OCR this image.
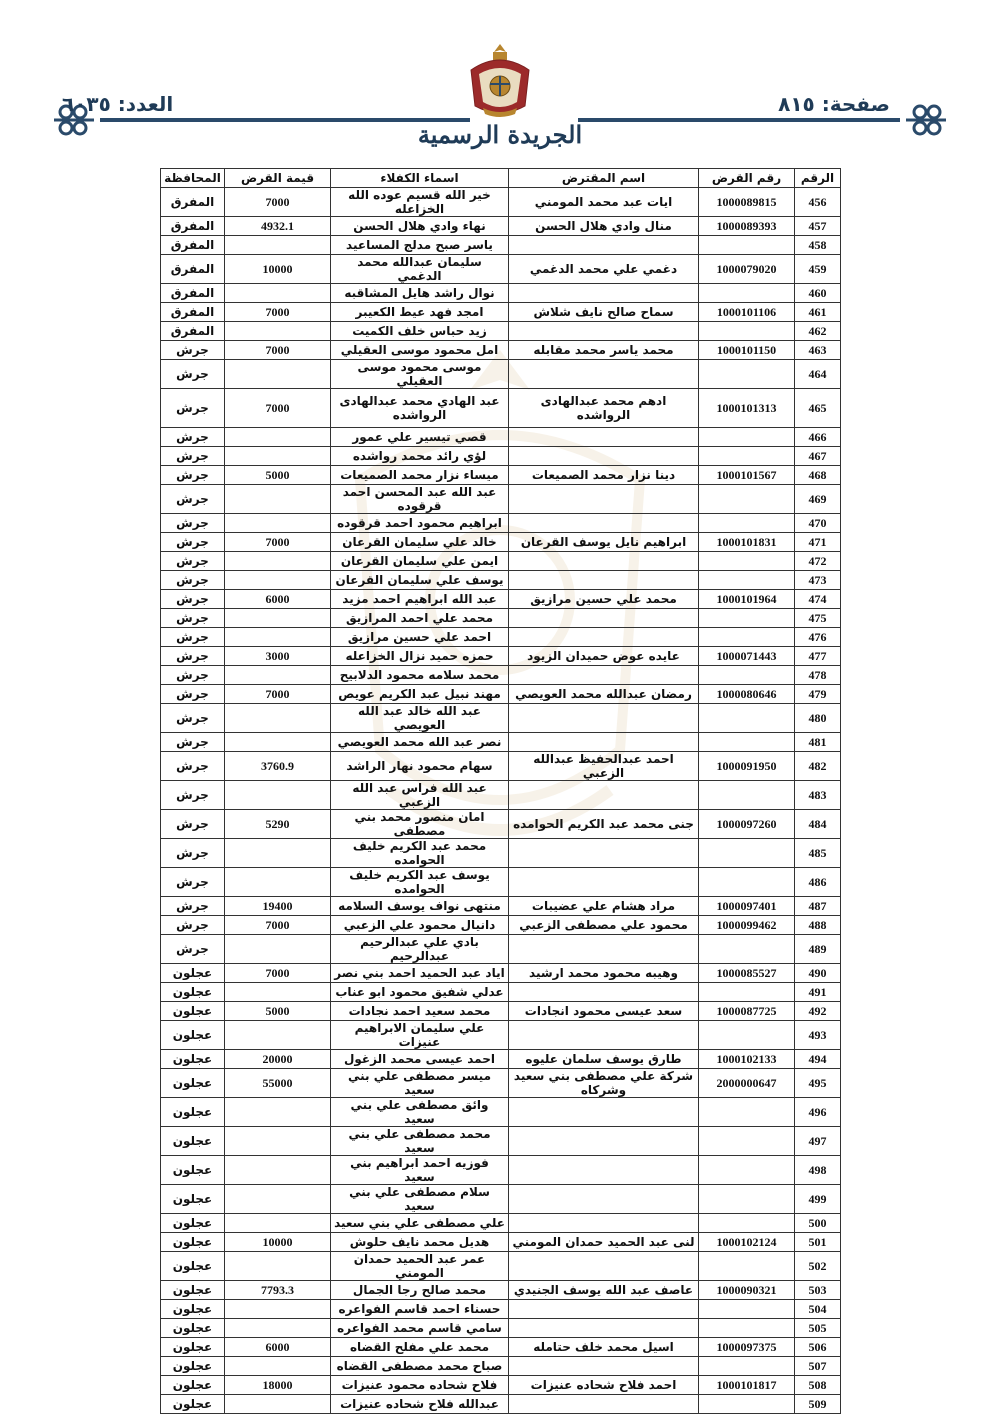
صفحة: ٨١٥
العدد: ٦٠٣٥
الجريدة الرسمية
الرقم	رقم القرض	اسم المقترض	اسماء الكفلاء	قيمة القرض	المحافظة
456	1000089815	ايات عبد محمد المومني	خير الله قسيم عوده الله الخزاعله	7000	المفرق
457	1000089393	منال وادي هلال الحسن	نهاء وادي هلال الحسن	4932.1	المفرق
458			ياسر صبح مدلج المساعيد		المفرق
459	1000079020	دغمي علي محمد الدغمي	سليمان عبدالله محمد الدغمي	10000	المفرق
460			نوال راشد هايل المشاقبه		المفرق
461	1000101106	سماح صالح نايف شلاش	امجد فهد عيط الكعيبر	7000	المفرق
462			زيد حباس خلف الكميت		المفرق
463	1000101150	محمد ياسر محمد مقابله	امل محمود موسى العقيلي	7000	جرش
464			موسى محمود موسى العقيلي		جرش
465	1000101313	ادهم محمد عبدالهادى الرواشده	عبد الهادي محمد عبدالهادى الرواشده	7000	جرش
466			قصي تيسير علي عمور		جرش
467			لؤي رائد محمد رواشده		جرش
468	1000101567	دينا نزار محمد الصميعات	ميساء نزار محمد الصميعات	5000	جرش
469			عبد الله عبد المحسن احمد قرقوده		جرش
470			ابراهيم محمود احمد قرقوده		جرش
471	1000101831	ابراهيم نايل يوسف القرعان	خالد علي سليمان القرعان	7000	جرش
472			ايمن علي سليمان القرعان		جرش
473			يوسف علي سليمان القرعان		جرش
474	1000101964	محمد علي حسين مرازيق	عبد الله ابراهيم احمد مزيد	6000	جرش
475			محمد علي احمد المرازيق		جرش
476			احمد علي حسين مرازيق		جرش
477	1000071443	عايده عوض حميدان الزيود	حمزه حميد نزال الخزاعله	3000	جرش
478			محمد سلامه محمود الدلابيح		جرش
479	1000080646	رمضان عبدالله محمد العويصي	مهند نبيل عبد الكريم عويص	7000	جرش
480			عبد الله خالد عبد الله العويصي		جرش
481			نصر عبد الله محمد العويصي		جرش
482	1000091950	احمد عبدالحفيظ عبدالله الزعبي	سهام محمود نهار الراشد	3760.9	جرش
483			عبد الله فراس عبد الله الزعبي		جرش
484	1000097260	جنى محمد عبد الكريم الحوامده	امان منصور محمد بني مصطفى	5290	جرش
485			محمد عبد الكريم خليف الحوامده		جرش
486			يوسف عبد الكريم خليف الحوامده		جرش
487	1000097401	مراد هشام علي عضيبات	منتهى نواف يوسف السلامه	19400	جرش
488	1000099462	محمود علي مصطفى الزعبي	دانيال محمود علي الزعبي	7000	جرش
489			بادي علي عبدالرحيم عبدالرحيم		جرش
490	1000085527	وهيبه محمود محمد ارشيد	اياد عبد الحميد احمد بني نصر	7000	عجلون
491			عدلي شفيق محمود ابو عناب		عجلون
492	1000087725	سعد عيسى محمود انجادات	محمد سعيد احمد نجادات	5000	عجلون
493			علي سليمان الابراهيم عنيزات		عجلون
494	1000102133	طارق يوسف سلمان عليوه	احمد عيسى محمد الزغول	20000	عجلون
495	2000000647	شركة علي مصطفى بني سعيد وشركاه	ميسر مصطفى علي بني سعيد	55000	عجلون
496			وائق مصطفى علي بني سعيد		عجلون
497			محمد مصطفى علي بني سعيد		عجلون
498			فوزيه احمد ابراهيم بني سعيد		عجلون
499			سلام مصطفى علي بني سعيد		عجلون
500			علي مصطفى علي بني سعيد		عجلون
501	1000102124	لنى عبد الحميد حمدان المومني	هديل محمد نايف حلوش	10000	عجلون
502			عمر عبد الحميد حمدان المومني		عجلون
503	1000090321	عاصف عبد الله يوسف الجنيدي	محمد صالح رجا الجمال	7793.3	عجلون
504			حسناء احمد قاسم الفواعره		عجلون
505			سامي قاسم محمد الفواعره		عجلون
506	1000097375	اسيل محمد خلف حتامله	محمد علي مفلح القضاه	6000	عجلون
507			صباح محمد مصطفى القضاه		عجلون
508	1000101817	احمد فلاح شحاده عنيزات	فلاح شحاده محمود عنيزات	18000	عجلون
509			عبدالله فلاح شحاده عنيزات		عجلون
